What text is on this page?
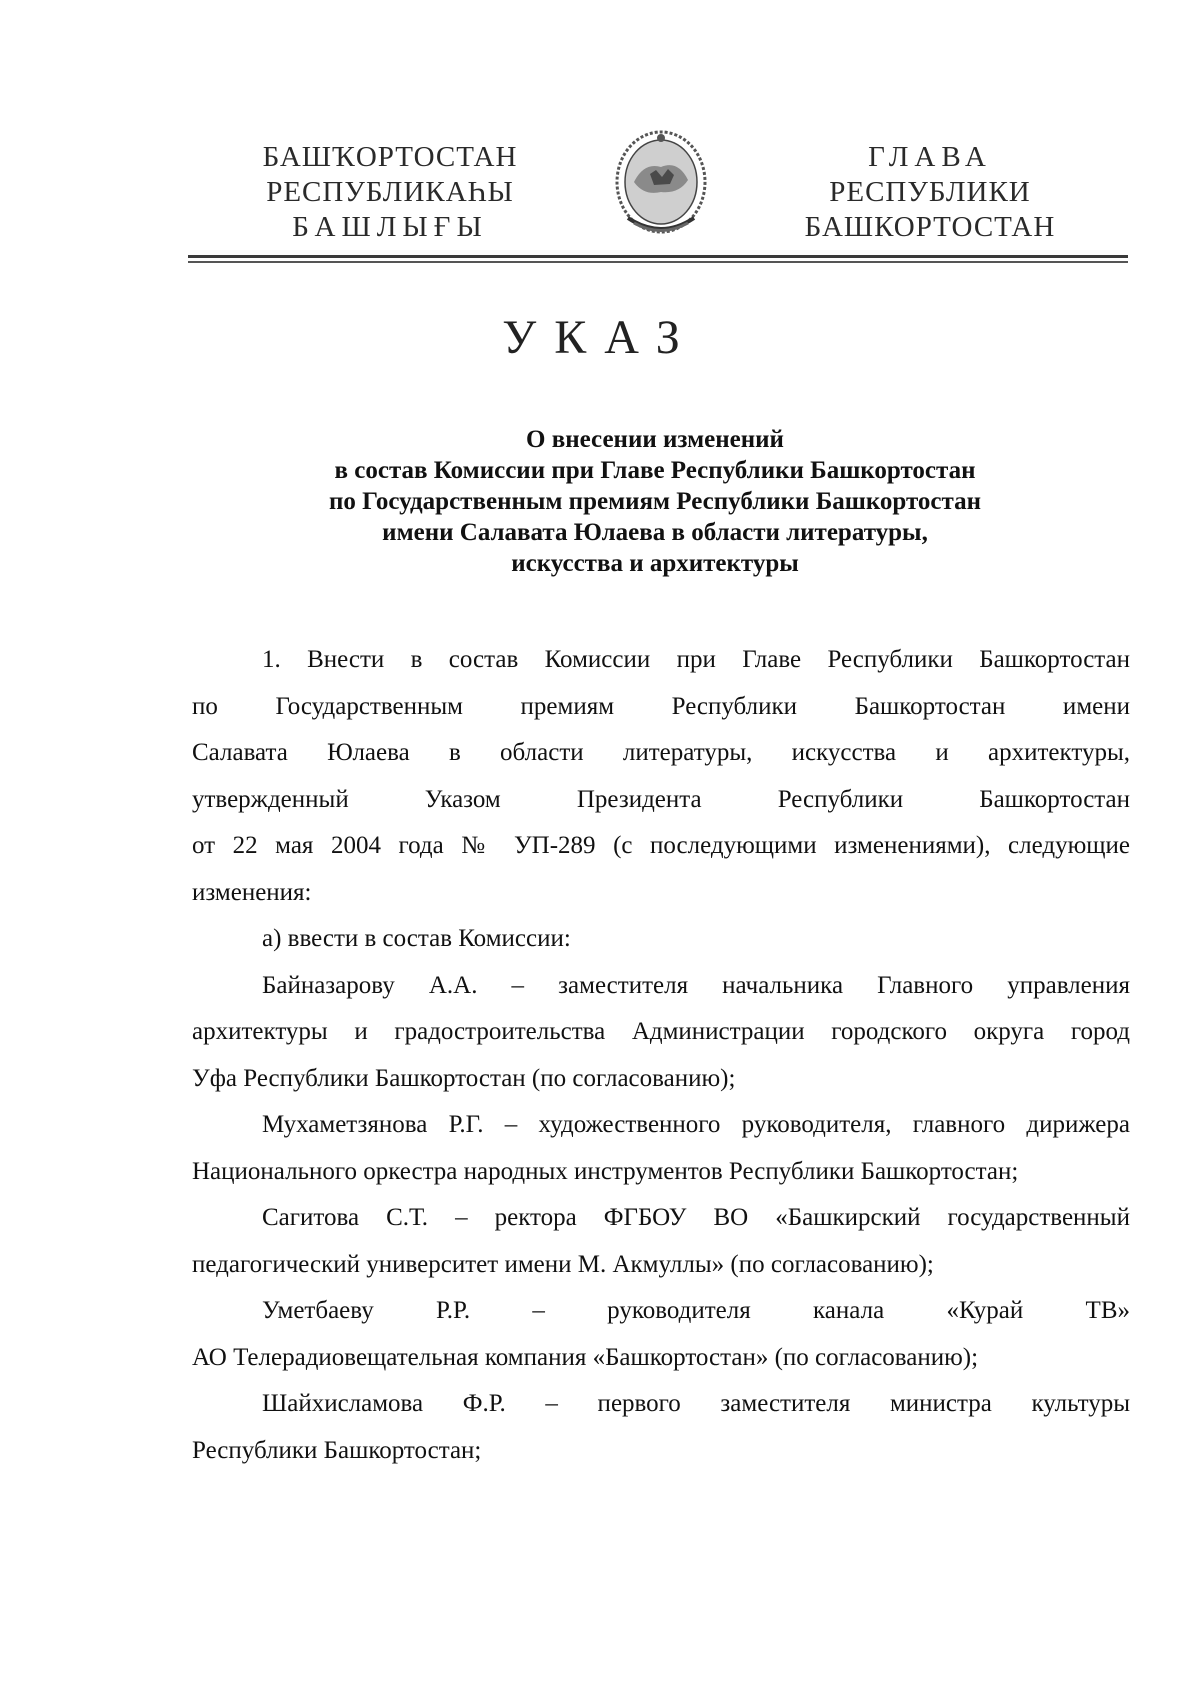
БАШҠОРТОСТАН
РЕСПУБЛИКАҺЫ
БАШЛЫҒЫ
ГЛАВА
РЕСПУБЛИКИ
БАШКОРТОСТАН
УКАЗ
О внесении изменений
в состав Комиссии при Главе Республики Башкортостан
по Государственным премиям Республики Башкортостан
имени Салавата Юлаева в области литературы,
искусства и архитектуры
1. Внести в состав Комиссии при Главе Республики Башкортостан
по Государственным премиям Республики Башкортостан имени
Салавата Юлаева в области литературы, искусства и архитектуры,
утвержденный Указом Президента Республики Башкортостан
от 22 мая 2004 года № УП-289 (с последующими изменениями), следующие
изменения:
а) ввести в состав Комиссии:
Байназарову А.А. – заместителя начальника Главного управления
архитектуры и градостроительства Администрации городского округа город
Уфа Республики Башкортостан (по согласованию);
Мухаметзянова Р.Г. – художественного руководителя, главного дирижера
Национального оркестра народных инструментов Республики Башкортостан;
Сагитова С.Т. – ректора ФГБОУ ВО «Башкирский государственный
педагогический университет имени М. Акмуллы» (по согласованию);
Уметбаеву Р.Р. – руководителя канала «Курай ТВ»
АО Телерадиовещательная компания «Башкортостан» (по согласованию);
Шайхисламова Ф.Р. – первого заместителя министра культуры
Республики Башкортостан;
